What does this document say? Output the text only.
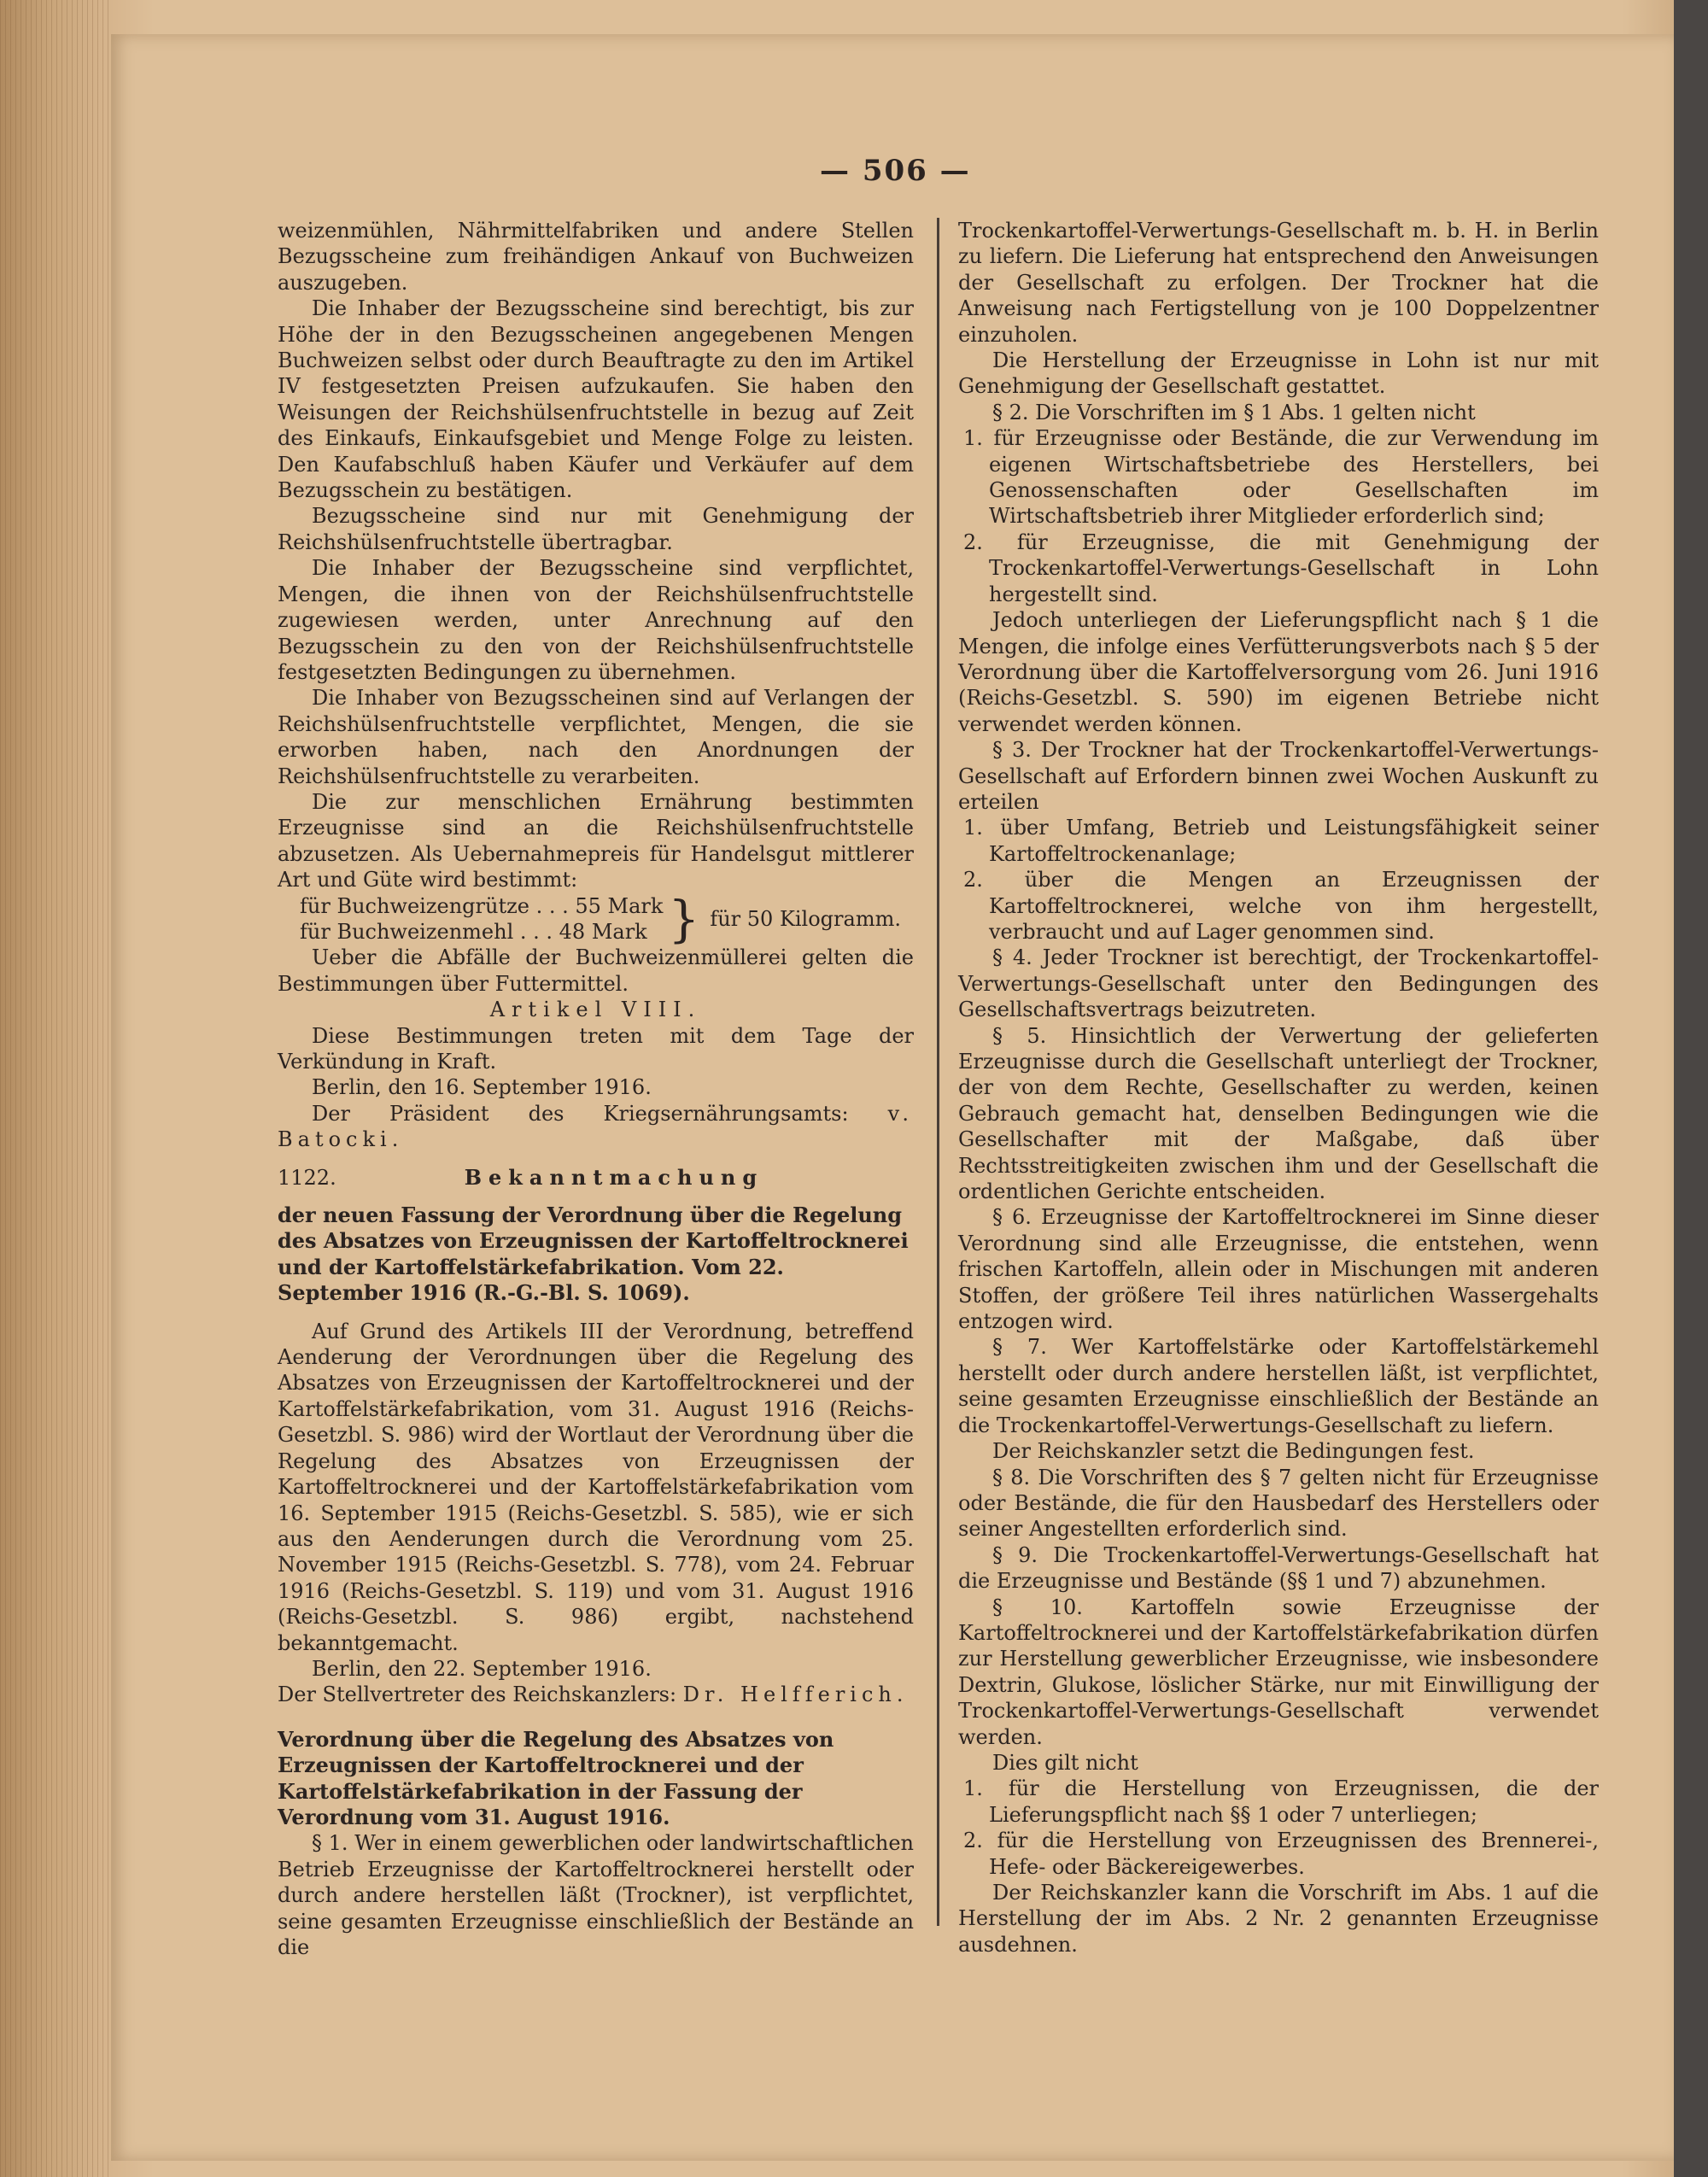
— 506 —

weizenmühlen, Nährmittelfabriken und andere Stellen Bezugsscheine zum freihändigen Ankauf von Buchweizen auszugeben.

Die Inhaber der Bezugsscheine sind berechtigt, bis zur Höhe der in den Bezugsscheinen angegebenen Mengen Buchweizen selbst oder durch Beauftragte zu den im Artikel IV festgesetzten Preisen aufzukaufen. Sie haben den Weisungen der Reichshülsenfruchtstelle in bezug auf Zeit des Einkaufs, Einkaufsgebiet und Menge Folge zu leisten. Den Kaufabschluß haben Käufer und Verkäufer auf dem Bezugsschein zu bestätigen.

Bezugsscheine sind nur mit Genehmigung der Reichshülsenfruchtstelle übertragbar.

Die Inhaber der Bezugsscheine sind verpflichtet, Mengen, die ihnen von der Reichshülsenfruchtstelle zugewiesen werden, unter Anrechnung auf den Bezugsschein zu den von der Reichshülsenfruchtstelle festgesetzten Bedingungen zu übernehmen.

Die Inhaber von Bezugsscheinen sind auf Verlangen der Reichshülsenfruchtstelle verpflichtet, Mengen, die sie erworben haben, nach den Anordnungen der Reichshülsenfruchtstelle zu verarbeiten.

Die zur menschlichen Ernährung bestimmten Erzeugnisse sind an die Reichshülsenfruchtstelle abzusetzen. Als Uebernahmepreis für Handelsgut mittlerer Art und Güte wird bestimmt:

für Buchweizengrütze . . . 55 Mark
für Buchweizenmehl . . . 48 Mark } für 50 Kilogramm.

Ueber die Abfälle der Buchweizenmüllerei gelten die Bestimmungen über Futtermittel.

Artikel VIII.

Diese Bestimmungen treten mit dem Tage der Verkündung in Kraft.

Berlin, den 16. September 1916.

Der Präsident des Kriegsernährungsamts: v. Batocki.

1122.	Bekanntmachung

der neuen Fassung der Verordnung über die Regelung des Absatzes von Erzeugnissen der Kartoffeltrocknerei und der Kartoffelstärkefabrikation. Vom 22. September 1916 (R.-G.-Bl. S. 1069).

Auf Grund des Artikels III der Verordnung, betreffend Aenderung der Verordnungen über die Regelung des Absatzes von Erzeugnissen der Kartoffeltrocknerei und der Kartoffelstärkefabrikation, vom 31. August 1916 (Reichs-Gesetzbl. S. 986) wird der Wortlaut der Verordnung über die Regelung des Absatzes von Erzeugnissen der Kartoffeltrocknerei und der Kartoffelstärkefabrikation vom 16. September 1915 (Reichs-Gesetzbl. S. 585), wie er sich aus den Aenderungen durch die Verordnung vom 25. November 1915 (Reichs-Gesetzbl. S. 778), vom 24. Februar 1916 (Reichs-Gesetzbl. S. 119) und vom 31. August 1916 (Reichs-Gesetzbl. S. 986) ergibt, nachstehend bekanntgemacht.

Berlin, den 22. September 1916.

Der Stellvertreter des Reichskanzlers: Dr. Helfferich.

Verordnung über die Regelung des Absatzes von Erzeugnissen der Kartoffeltrocknerei und der Kartoffelstärkefabrikation in der Fassung der Verordnung vom 31. August 1916.

§ 1. Wer in einem gewerblichen oder landwirtschaftlichen Betrieb Erzeugnisse der Kartoffeltrocknerei herstellt oder durch andere herstellen läßt (Trockner), ist verpflichtet, seine gesamten Erzeugnisse einschließlich der Bestände an die

Trockenkartoffel-Verwertungs-Gesellschaft m. b. H. in Berlin zu liefern. Die Lieferung hat entsprechend den Anweisungen der Gesellschaft zu erfolgen. Der Trockner hat die Anweisung nach Fertigstellung von je 100 Doppelzentner einzuholen.

Die Herstellung der Erzeugnisse in Lohn ist nur mit Genehmigung der Gesellschaft gestattet.

§ 2. Die Vorschriften im § 1 Abs. 1 gelten nicht

1. für Erzeugnisse oder Bestände, die zur Verwendung im eigenen Wirtschaftsbetriebe des Herstellers, bei Genossenschaften oder Gesellschaften im Wirtschaftsbetrieb ihrer Mitglieder erforderlich sind;

2. für Erzeugnisse, die mit Genehmigung der Trockenkartoffel-Verwertungs-Gesellschaft in Lohn hergestellt sind.

Jedoch unterliegen der Lieferungspflicht nach § 1 die Mengen, die infolge eines Verfütterungsverbots nach § 5 der Verordnung über die Kartoffelversorgung vom 26. Juni 1916 (Reichs-Gesetzbl. S. 590) im eigenen Betriebe nicht verwendet werden können.

§ 3. Der Trockner hat der Trockenkartoffel-Verwertungs-Gesellschaft auf Erfordern binnen zwei Wochen Auskunft zu erteilen

1. über Umfang, Betrieb und Leistungsfähigkeit seiner Kartoffeltrockenanlage;

2. über die Mengen an Erzeugnissen der Kartoffeltrocknerei, welche von ihm hergestellt, verbraucht und auf Lager genommen sind.

§ 4. Jeder Trockner ist berechtigt, der Trockenkartoffel-Verwertungs-Gesellschaft unter den Bedingungen des Gesellschaftsvertrags beizutreten.

§ 5. Hinsichtlich der Verwertung der gelieferten Erzeugnisse durch die Gesellschaft unterliegt der Trockner, der von dem Rechte, Gesellschafter zu werden, keinen Gebrauch gemacht hat, denselben Bedingungen wie die Gesellschafter mit der Maßgabe, daß über Rechtsstreitigkeiten zwischen ihm und der Gesellschaft die ordentlichen Gerichte entscheiden.

§ 6. Erzeugnisse der Kartoffeltrocknerei im Sinne dieser Verordnung sind alle Erzeugnisse, die entstehen, wenn frischen Kartoffeln, allein oder in Mischungen mit anderen Stoffen, der größere Teil ihres natürlichen Wassergehalts entzogen wird.

§ 7. Wer Kartoffelstärke oder Kartoffelstärkemehl herstellt oder durch andere herstellen läßt, ist verpflichtet, seine gesamten Erzeugnisse einschließlich der Bestände an die Trockenkartoffel-Verwertungs-Gesellschaft zu liefern.

Der Reichskanzler setzt die Bedingungen fest.

§ 8. Die Vorschriften des § 7 gelten nicht für Erzeugnisse oder Bestände, die für den Hausbedarf des Herstellers oder seiner Angestellten erforderlich sind.

§ 9. Die Trockenkartoffel-Verwertungs-Gesellschaft hat die Erzeugnisse und Bestände (§§ 1 und 7) abzunehmen.

§ 10. Kartoffeln sowie Erzeugnisse der Kartoffeltrocknerei und der Kartoffelstärkefabrikation dürfen zur Herstellung gewerblicher Erzeugnisse, wie insbesondere Dextrin, Glukose, löslicher Stärke, nur mit Einwilligung der Trockenkartoffel-Verwertungs-Gesellschaft verwendet werden.

Dies gilt nicht

1. für die Herstellung von Erzeugnissen, die der Lieferungspflicht nach §§ 1 oder 7 unterliegen;

2. für die Herstellung von Erzeugnissen des Brennerei-, Hefe- oder Bäckereigewerbes.

Der Reichskanzler kann die Vorschrift im Abs. 1 auf die Herstellung der im Abs. 2 Nr. 2 genannten Erzeugnisse ausdehnen.
